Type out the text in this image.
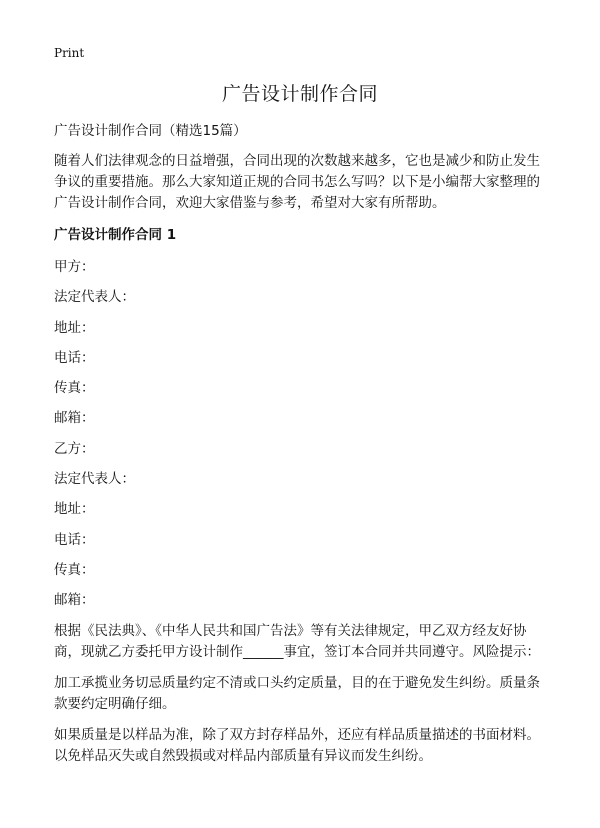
Print
广告设计制作合同

广告设计制作合同（精选15篇）

随着人们法律观念的日益增强，合同出现的次数越来越多，它也是减少和防止发生争议的重要措施。那么大家知道正规的合同书怎么写吗？以下是小编帮大家整理的广告设计制作合同，欢迎大家借鉴与参考，希望对大家有所帮助。

广告设计制作合同 1

甲方：
法定代表人：
地址：
电话：
传真：
邮箱：
乙方：
法定代表人：
地址：
电话：
传真：
邮箱：

根据《民法典》、《中华人民共和国广告法》等有关法律规定，甲乙双方经友好协商，现就乙方委托甲方设计制作______事宜，签订本合同并共同遵守。风险提示：

加工承揽业务切忌质量约定不清或口头约定质量，目的在于避免发生纠纷。质量条款要约定明确仔细。

如果质量是以样品为准，除了双方封存样品外，还应有样品质量描述的书面材料。以免样品灭失或自然毁损或对样品内部质量有异议而发生纠纷。
